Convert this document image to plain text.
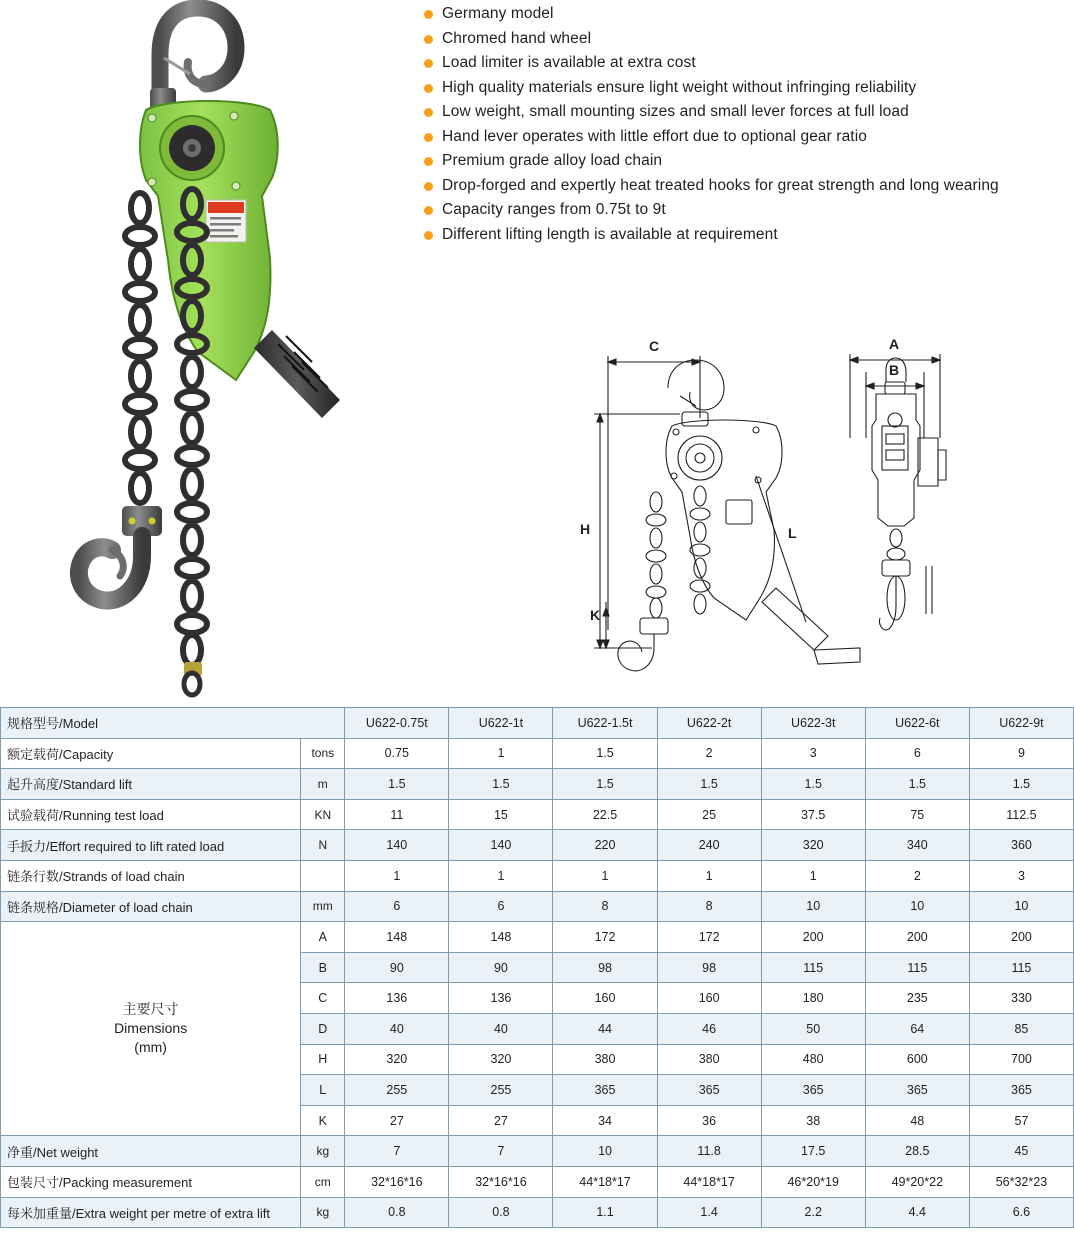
Germany model
Chromed hand wheel
Load limiter is available at extra cost
High quality materials ensure light weight without infringing reliability
Low weight, small mounting sizes and small lever forces at full load
Hand lever operates with little effort due to optional gear ratio
Premium grade alloy load chain
Drop-forged and expertly heat treated hooks for great strength and long wearing
Capacity ranges from 0.75t to 9t
Different lifting length is available at requirement
C
H
K
L
A
B
规格型号/Model		U622-0.75t	U622-1t	U622-1.5t	U622-2t	U622-3t	U622-6t	U622-9t
额定载荷/Capacity	tons	0.75	1	1.5	2	3	6	9
起升高度/Standard lift	m	1.5	1.5	1.5	1.5	1.5	1.5	1.5
试验载荷/Running test load	KN	11	15	22.5	25	37.5	75	112.5
手扳力/Effort required to lift rated load	N	140	140	220	240	320	340	360
链条行数/Strands of load chain		1	1	1	1	1	2	3
链条规格/Diameter of load chain	mm	6	6	8	8	10	10	10

主要尺寸
Dimensions
(mm)	A	148	148	172	172	200	200	200
	B	90	90	98	98	115	115	115
	C	136	136	160	160	180	235	330
	D	40	40	44	46	50	64	85
	H	320	320	380	380	480	600	700
	L	255	255	365	365	365	365	365
	K	27	27	34	36	38	48	57
净重/Net weight	kg	7	7	10	11.8	17.5	28.5	45
包装尺寸/Packing measurement	cm	32*16*16	32*16*16	44*18*17	44*18*17	46*20*19	49*20*22	56*32*23
每米加重量/Extra weight per metre of extra lift	kg	0.8	0.8	1.1	1.4	2.2	4.4	6.6
